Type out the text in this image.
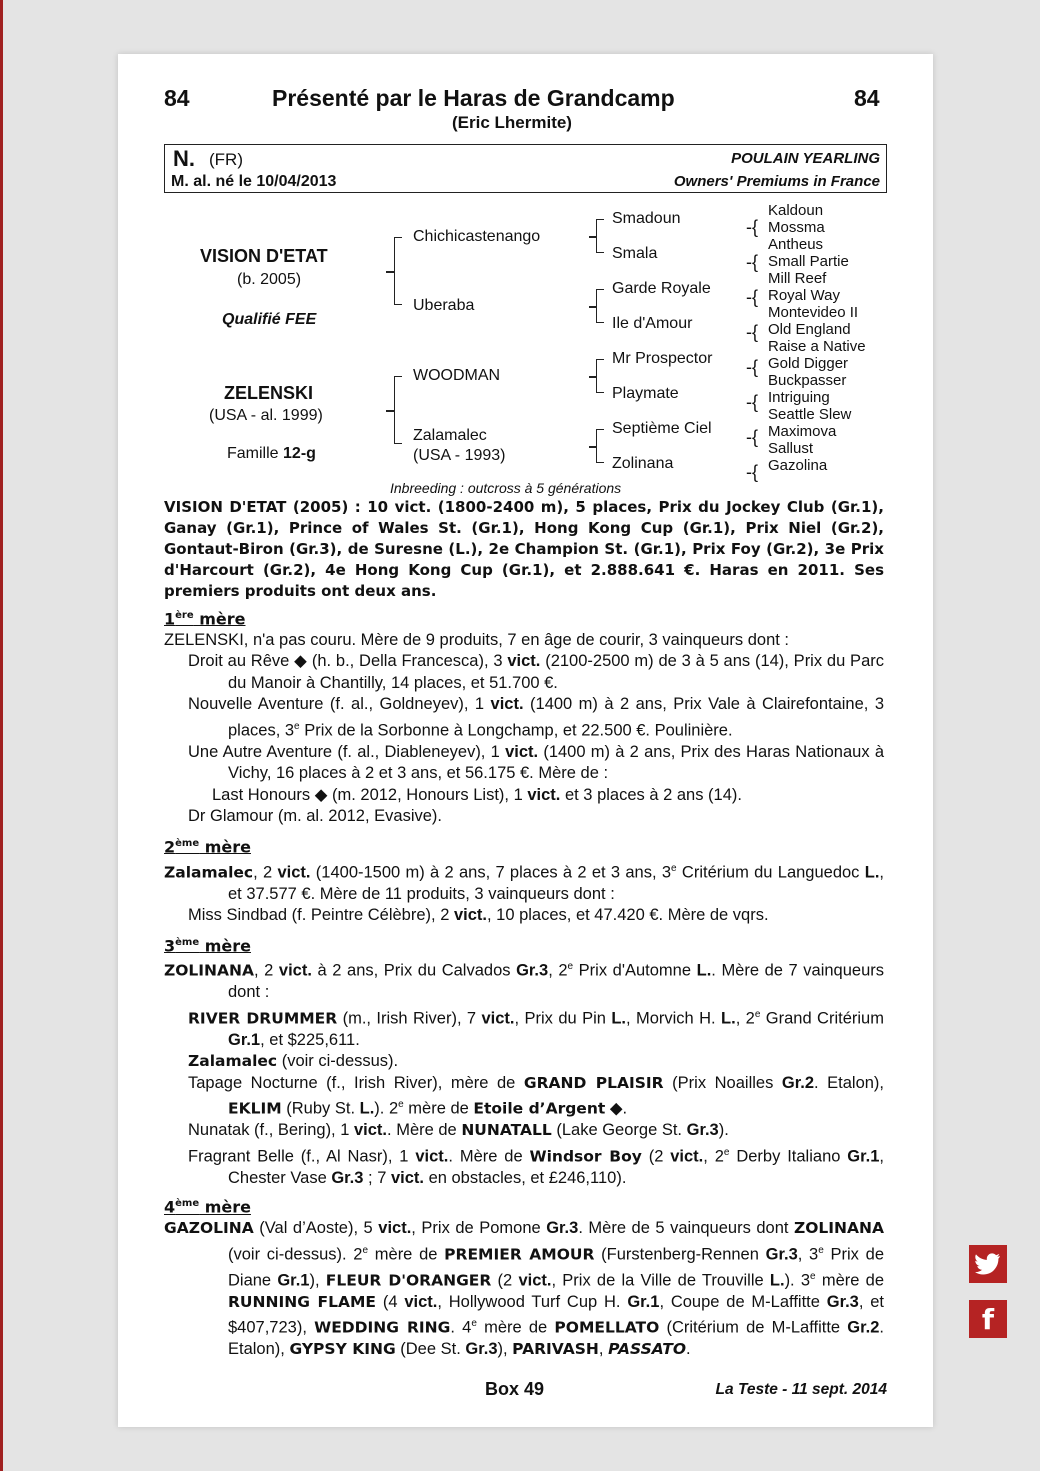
84	Présenté par le Haras de Grandcamp	84
(Eric Lhermite)
N. (FR)
M. al. né le 10/04/2013
POULAIN YEARLING
Owners' Premiums in France
VISION D'ETAT
(b. 2005)
Qualifié FEE
ZELENSKI
(USA - al. 1999)
Famille 12-g
Chichicastenango
Uberaba
WOODMAN
Zalamalec
(USA - 1993)
Smadoun
Smala
Garde Royale
Ile d'Amour
Mr Prospector
Playmate
Septième Ciel
Zolinana
-{
-{
-{
-{
-{
-{
-{
-{
Kaldoun
Mossma
Antheus
Small Partie
Mill Reef
Royal Way
Montevideo II
Old England
Raise a Native
Gold Digger
Buckpasser
Intriguing
Seattle Slew
Maximova
Sallust
Gazolina
Inbreeding : outcross à 5 générations
VISION D'ETAT (2005) : 10 vict. (1800-2400 m), 5 places, Prix du Jockey Club (Gr.1), Ganay (Gr.1), Prince of Wales St. (Gr.1), Hong Kong Cup (Gr.1), Prix Niel (Gr.2), Gontaut-Biron (Gr.3), de Suresne (L.), 2e Champion St. (Gr.1), Prix Foy (Gr.2), 3e Prix d'Harcourt (Gr.2), 4e Hong Kong Cup (Gr.1), et 2.888.641 €. Haras en 2011. Ses premiers produits ont deux ans.
1ère mère

ZELENSKI, n'a pas couru. Mère de 9 produits, 7 en âge de courir, 3 vainqueurs dont :

Droit au Rêve ◆ (h. b., Della Francesca), 3 vict. (2100-2500 m) de 3 à 5 ans (14), Prix du Parc du Manoir à Chantilly, 14 places, et 51.700 €.

Nouvelle Aventure (f. al., Goldneyev), 1 vict. (1400 m) à 2 ans, Prix Vale à Clairefontaine, 3 places, 3e Prix de la Sorbonne à Longchamp, et 22.500 €. Poulinière.

Une Autre Aventure (f. al., Diableneyev), 1 vict. (1400 m) à 2 ans, Prix des Haras Nationaux à Vichy, 16 places à 2 et 3 ans, et 56.175 €. Mère de :

Last Honours ◆ (m. 2012, Honours List), 1 vict. et 3 places à 2 ans (14).

Dr Glamour (m. al. 2012, Evasive).

2ème mère

Zalamalec, 2 vict. (1400-1500 m) à 2 ans, 7 places à 2 et 3 ans, 3e Critérium du Languedoc L., et 37.577 €. Mère de 11 produits, 3 vainqueurs dont :

Miss Sindbad (f. Peintre Célèbre), 2 vict., 10 places, et 47.420 €. Mère de vqrs.

3ème mère

ZOLINANA, 2 vict. à 2 ans, Prix du Calvados Gr.3, 2e Prix d'Automne L.. Mère de 7 vainqueurs dont :

RIVER DRUMMER (m., Irish River), 7 vict., Prix du Pin L., Morvich H. L., 2e Grand Critérium Gr.1, et $225,611.

Zalamalec (voir ci-dessus).

Tapage Nocturne (f., Irish River), mère de GRAND PLAISIR (Prix Noailles Gr.2. Etalon), EKLIM (Ruby St. L.). 2e mère de Etoile d’Argent ◆.

Nunatak (f., Bering), 1 vict.. Mère de NUNATALL (Lake George St. Gr.3).

Fragrant Belle (f., Al Nasr), 1 vict.. Mère de Windsor Boy (2 vict., 2e Derby Italiano Gr.1, Chester Vase Gr.3 ; 7 vict. en obstacles, et £246,110).

4ème mère

GAZOLINA (Val d’Aoste), 5 vict., Prix de Pomone Gr.3. Mère de 5 vainqueurs dont ZOLINANA (voir ci-dessus). 2e mère de PREMIER AMOUR (Furstenberg-Rennen Gr.3, 3e Prix de Diane Gr.1), FLEUR D'ORANGER (2 vict., Prix de la Ville de Trouville L.). 3e mère de RUNNING FLAME (4 vict., Hollywood Turf Cup H. Gr.1, Coupe de M-Laffitte Gr.3, et $407,723), WEDDING RING. 4e mère de POMELLATO (Critérium de M-Laffitte Gr.2. Etalon), GYPSY KING (Dee St. Gr.3), PARIVASH, PASSATO.

Box 49	La Teste - 11 sept. 2014
f
